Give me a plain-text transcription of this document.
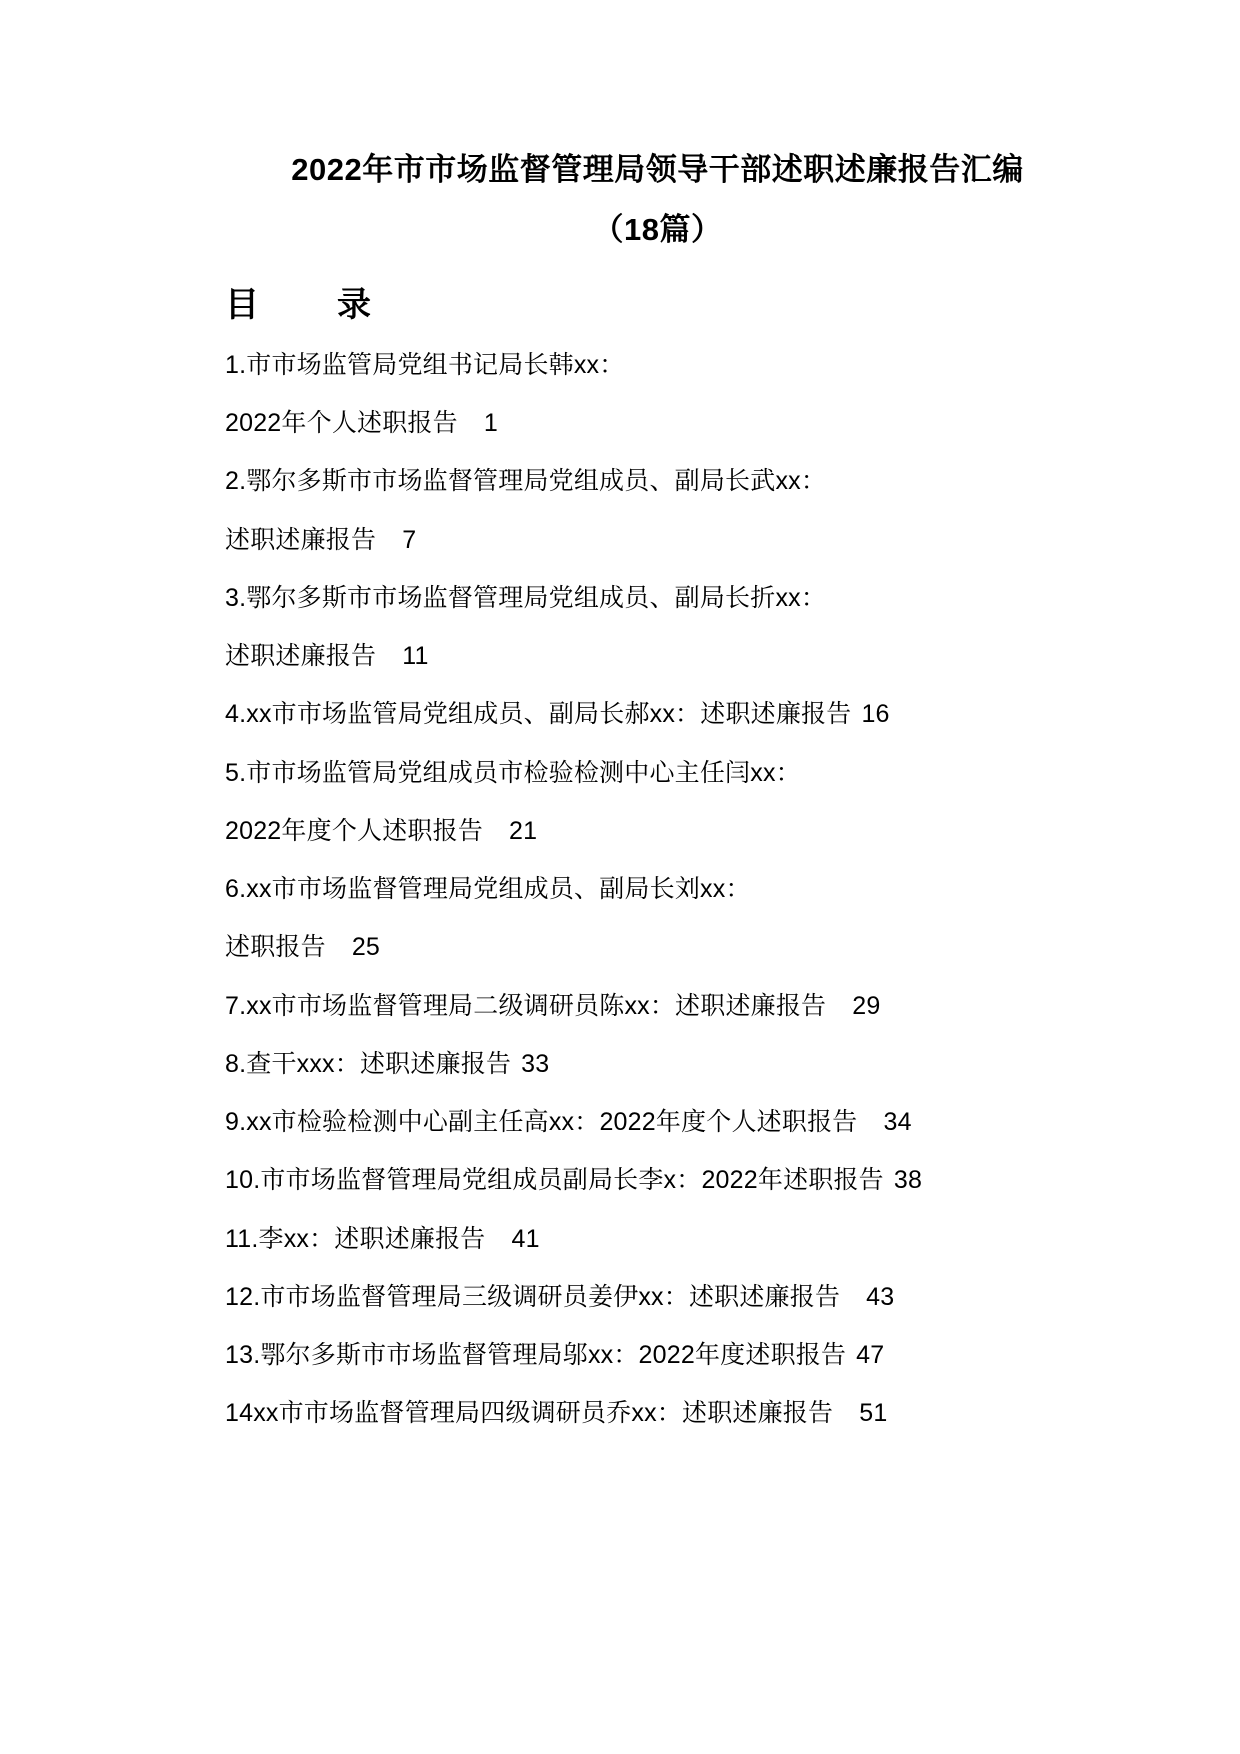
2022年市市场监督管理局领导干部述职述廉报告汇编
（18篇）
目　录
1.市市场监管局党组书记局长韩xx：
2022年个人述职报告 1
2.鄂尔多斯市市场监督管理局党组成员、副局长武xx：
述职述廉报告 7
3.鄂尔多斯市市场监督管理局党组成员、副局长折xx：
述职述廉报告 11
4.xx市市场监管局党组成员、副局长郝xx：述职述廉报告 16
5.市市场监管局党组成员市检验检测中心主任闫xx：
2022年度个人述职报告 21
6.xx市市场监督管理局党组成员、副局长刘xx：
述职报告 25
7.xx市市场监督管理局二级调研员陈xx：述职述廉报告 29
8.查干xxx：述职述廉报告 33
9.xx市检验检测中心副主任高xx：2022年度个人述职报告 34
10.市市场监督管理局党组成员副局长李x：2022年述职报告 38
11.李xx：述职述廉报告 41
12.市市场监督管理局三级调研员姜伊xx：述职述廉报告 43
13.鄂尔多斯市市场监督管理局邬xx：2022年度述职报告 47
14xx市市场监督管理局四级调研员乔xx：述职述廉报告 51
